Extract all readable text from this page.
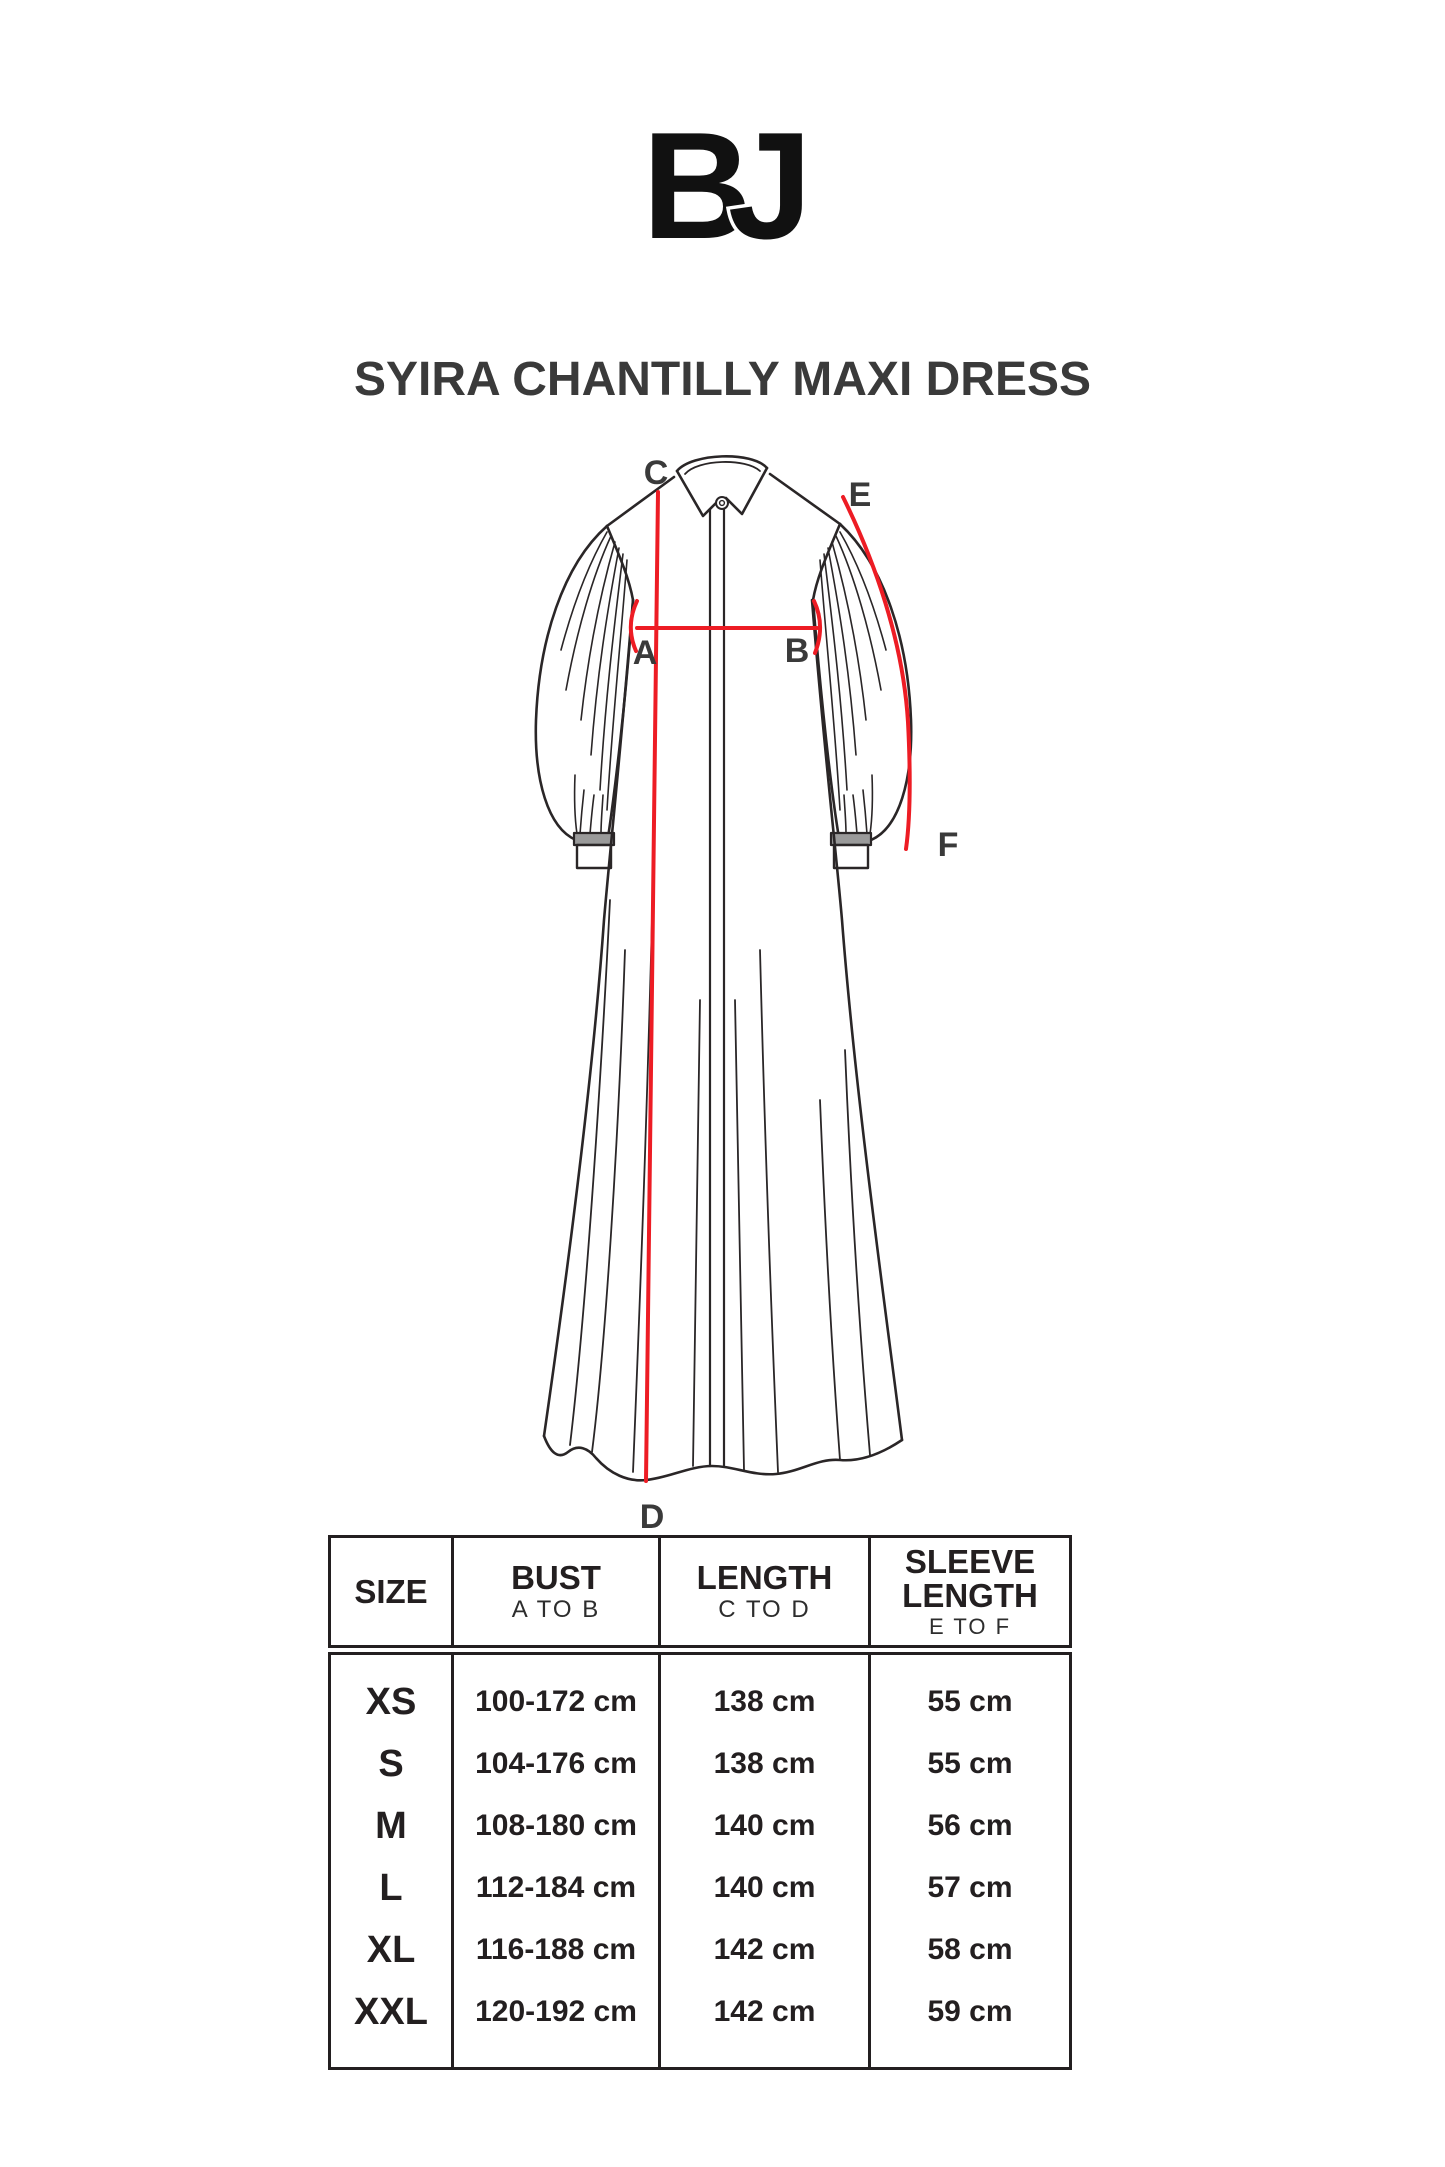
B
J
SYIRA CHANTILLY MAXI DRESS
C
E
A	B
F
D
SIZE	BUST
A TO B
LENGTH
C TO D
SLEEVE LENGTH
E TO F
XS
S
M
L
XL
XXL
100-172 cm
104-176 cm
108-180 cm
112-184 cm
116-188 cm
120-192 cm
138 cm
138 cm
140 cm
140 cm
142 cm
142 cm
55 cm
55 cm
56 cm
57 cm
58 cm
59 cm
